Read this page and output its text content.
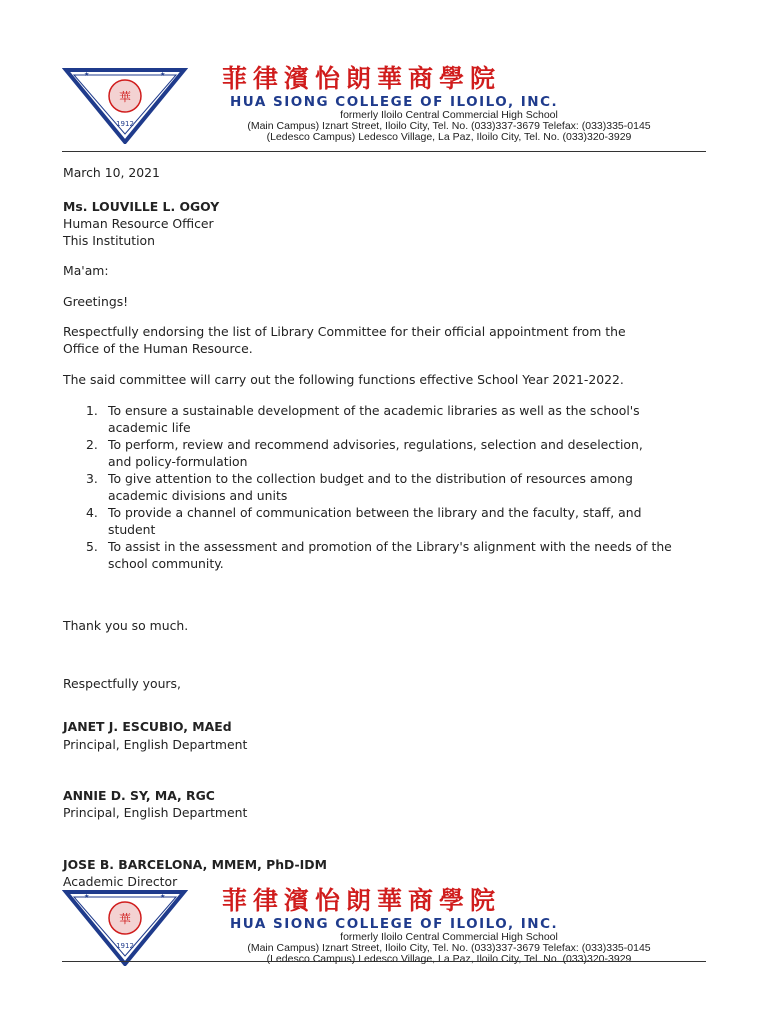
華
★	★
1912
菲律濱怡朗華商學院
HUA SIONG COLLEGE OF ILOILO, INC.
formerly Iloilo Central Commercial High School
(Main Campus) Iznart Street, Iloilo City, Tel. No. (033)337-3679 Telefax: (033)335-0145
(Ledesco Campus) Ledesco Village, La Paz, Iloilo City, Tel. No. (033)320-3929
March 10, 2021
Ms. LOUVILLE L. OGOY
Human Resource Officer
This Institution
Ma'am:
Greetings!
Respectfully endorsing the list of Library Committee for their official appointment from the
Office of the Human Resource.
The said committee will carry out the following functions effective School Year 2021-2022.
1. To ensure a sustainable development of the academic libraries as well as the school's
academic life
2. To perform, review and recommend advisories, regulations, selection and deselection,
and policy-formulation
3. To give attention to the collection budget and to the distribution of resources among
academic divisions and units
4. To provide a channel of communication between the library and the faculty, staff, and
student
5. To assist in the assessment and promotion of the Library's alignment with the needs of the
school community.
Thank you so much.
Respectfully yours,
JANET J. ESCUBIO, MAEd
Principal, English Department
ANNIE D. SY, MA, RGC
Principal, English Department
JOSE B. BARCELONA, MMEM, PhD-IDM
Academic Director
華
★	★
1912
菲律濱怡朗華商學院
HUA SIONG COLLEGE OF ILOILO, INC.
formerly Iloilo Central Commercial High School
(Main Campus) Iznart Street, Iloilo City, Tel. No. (033)337-3679 Telefax: (033)335-0145
(Ledesco Campus) Ledesco Village, La Paz, Iloilo City, Tel. No. (033)320-3929
